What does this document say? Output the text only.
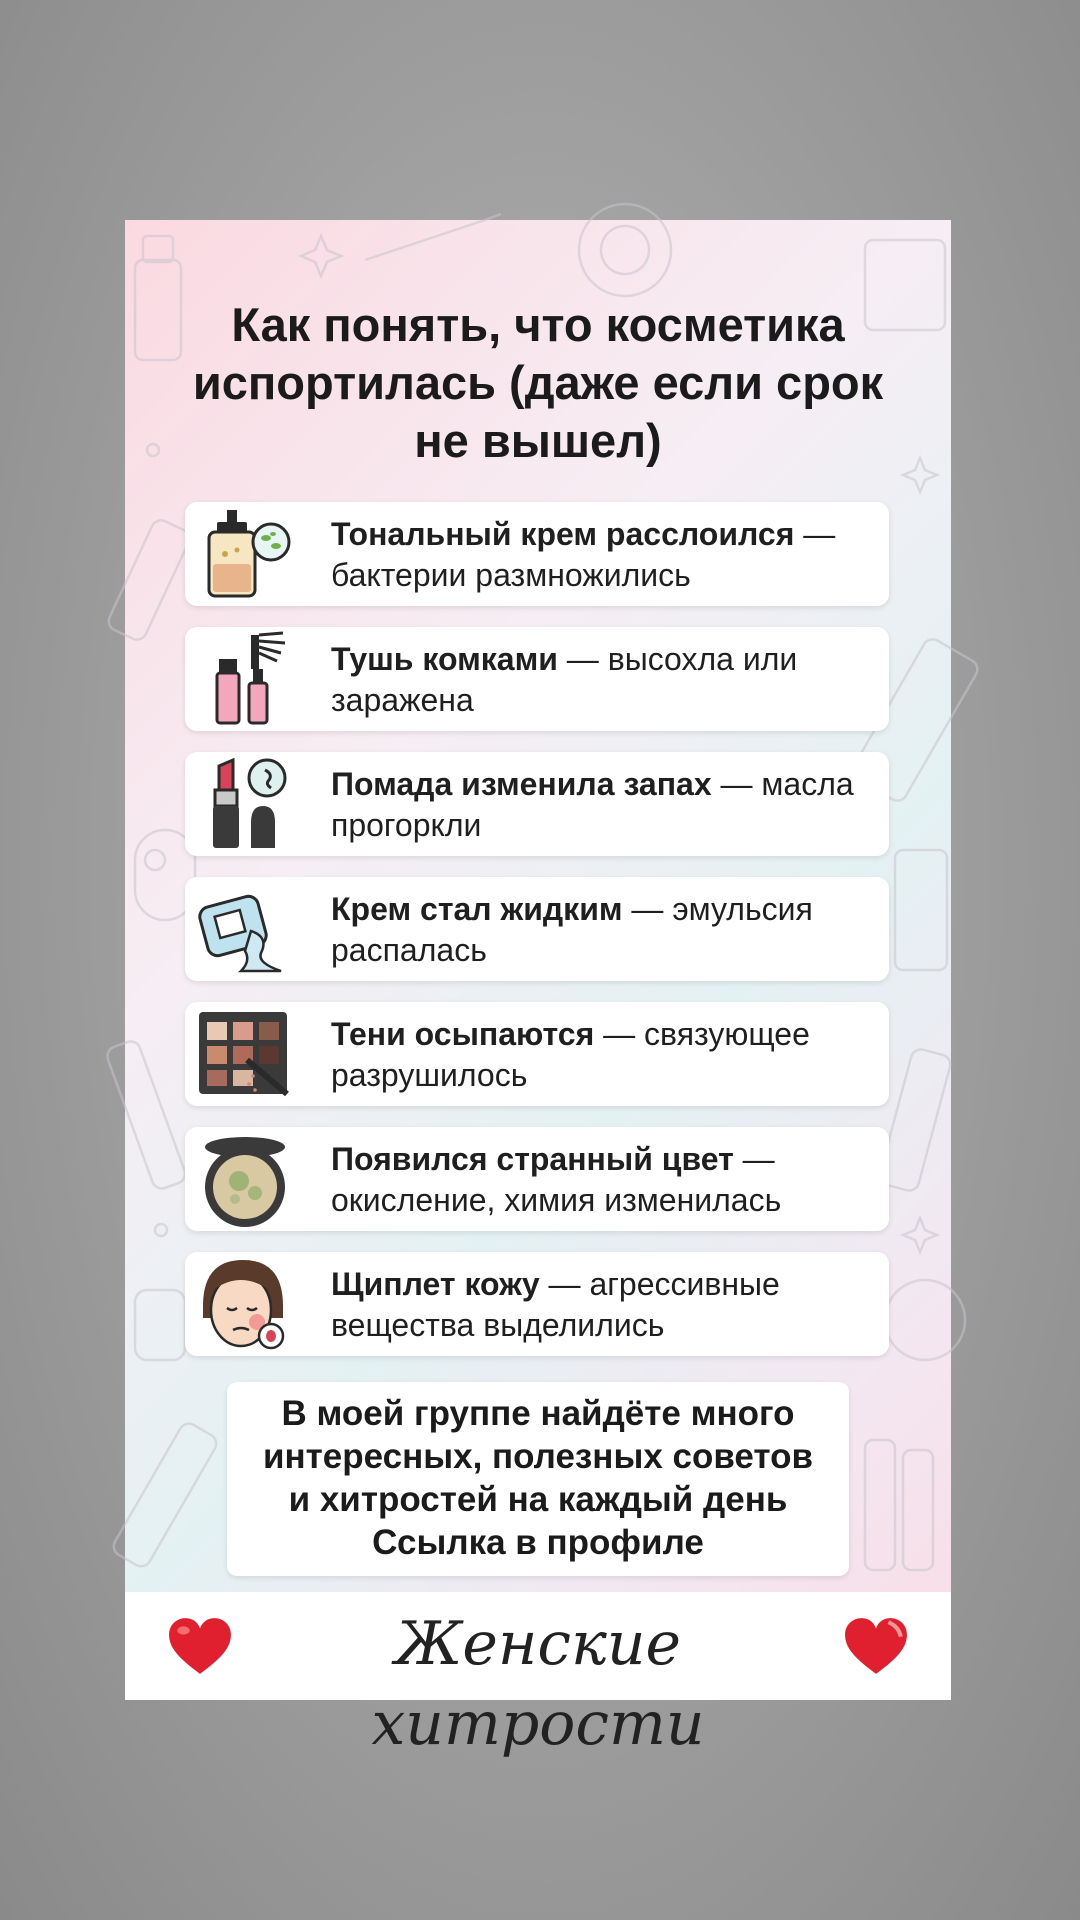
Как понять, что косметика испортилась (даже если срок не вышел)
Тональный крем расслоился — бактерии размножились
Тушь комками — высохла или заражена
Помада изменила запах — масла прогоркли
Крем стал жидким — эмульсия распалась
Тени осыпаются — связующее разрушилось
Появился странный цвет — окисление, химия изменилась
Щиплет кожу — агрессивные вещества выделились
В моей группе найдёте много
интересных, полезных советов
и хитростей на каждый день
Ссылка в профиле
Женские хитрости
